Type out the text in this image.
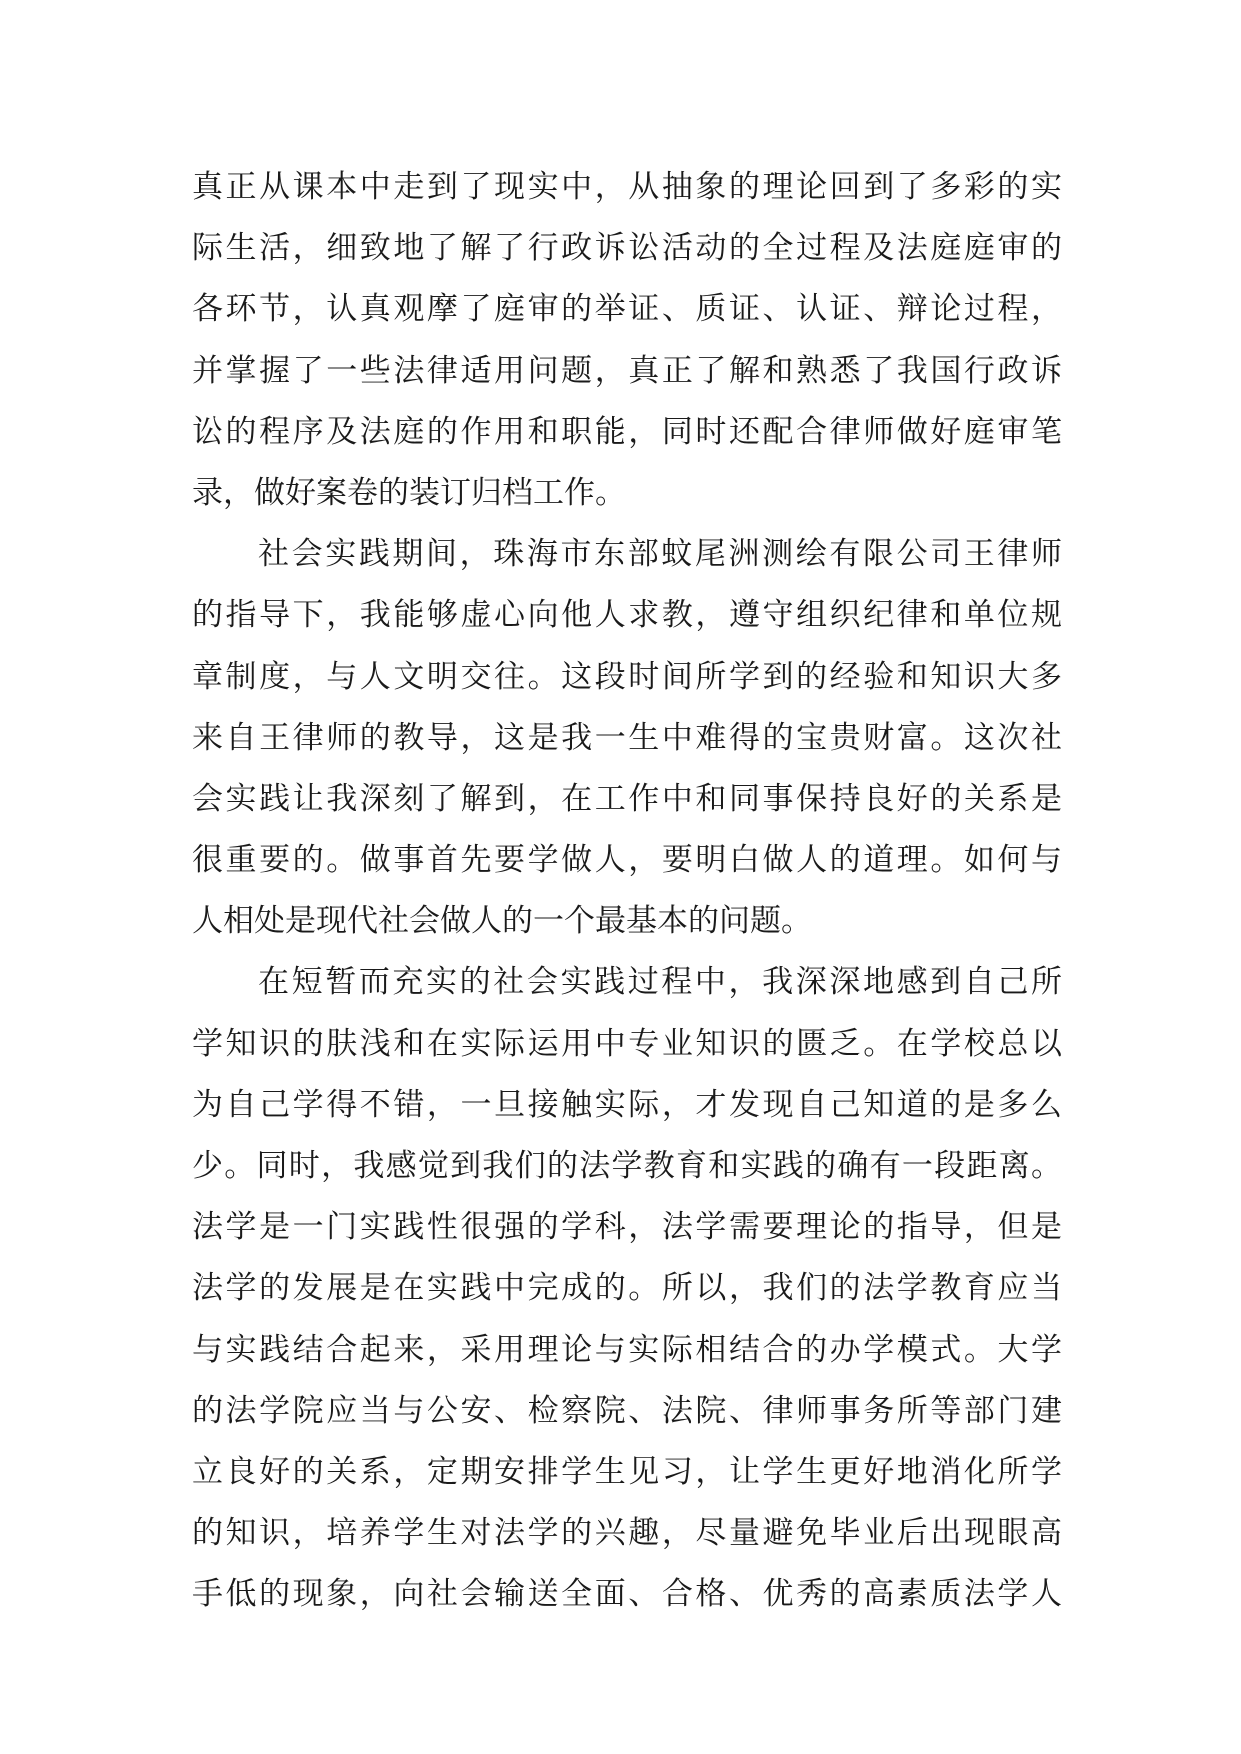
真正从课本中走到了现实中，从抽象的理论回到了多彩的实
际生活，细致地了解了行政诉讼活动的全过程及法庭庭审的
各环节，认真观摩了庭审的举证、质证、认证、辩论过程，
并掌握了一些法律适用问题，真正了解和熟悉了我国行政诉
讼的程序及法庭的作用和职能，同时还配合律师做好庭审笔
录，做好案卷的装订归档工作。
社会实践期间，珠海市东部蚊尾洲测绘有限公司王律师
的指导下，我能够虚心向他人求教，遵守组织纪律和单位规
章制度，与人文明交往。这段时间所学到的经验和知识大多
来自王律师的教导，这是我一生中难得的宝贵财富。这次社
会实践让我深刻了解到，在工作中和同事保持良好的关系是
很重要的。做事首先要学做人，要明白做人的道理。如何与
人相处是现代社会做人的一个最基本的问题。
在短暂而充实的社会实践过程中，我深深地感到自己所
学知识的肤浅和在实际运用中专业知识的匮乏。在学校总以
为自己学得不错，一旦接触实际，才发现自己知道的是多么
少。同时，我感觉到我们的法学教育和实践的确有一段距离。
法学是一门实践性很强的学科，法学需要理论的指导，但是
法学的发展是在实践中完成的。所以，我们的法学教育应当
与实践结合起来，采用理论与实际相结合的办学模式。大学
的法学院应当与公安、检察院、法院、律师事务所等部门建
立良好的关系，定期安排学生见习，让学生更好地消化所学
的知识，培养学生对法学的兴趣，尽量避免毕业后出现眼高
手低的现象，向社会输送全面、合格、优秀的高素质法学人
